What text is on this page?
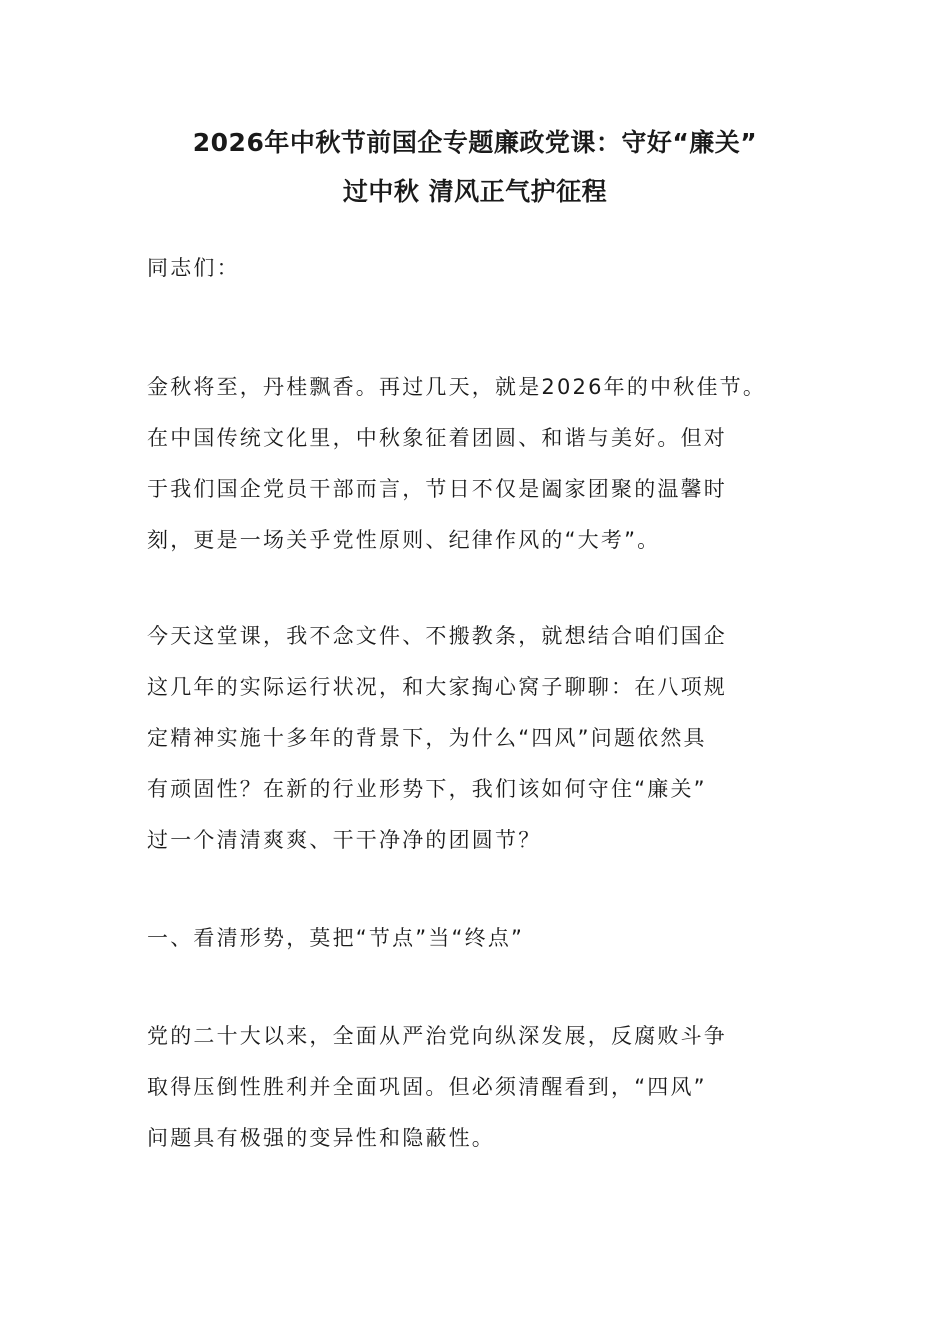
2026年中秋节前国企专题廉政党课：守好“廉关”
过中秋 清风正气护征程

同志们：

金秋将至，丹桂飘香。再过几天，就是2026年的中秋佳节。
在中国传统文化里，中秋象征着团圆、和谐与美好。但对
于我们国企党员干部而言，节日不仅是阖家团聚的温馨时
刻，更是一场关乎党性原则、纪律作风的“大考”。

今天这堂课，我不念文件、不搬教条，就想结合咱们国企
这几年的实际运行状况，和大家掏心窝子聊聊：在八项规
定精神实施十多年的背景下，为什么“四风”问题依然具
有顽固性？在新的行业形势下，我们该如何守住“廉关”
过一个清清爽爽、干干净净的团圆节？

一、看清形势，莫把“节点”当“终点”

党的二十大以来，全面从严治党向纵深发展，反腐败斗争
取得压倒性胜利并全面巩固。但必须清醒看到，“四风”
问题具有极强的变异性和隐蔽性。
